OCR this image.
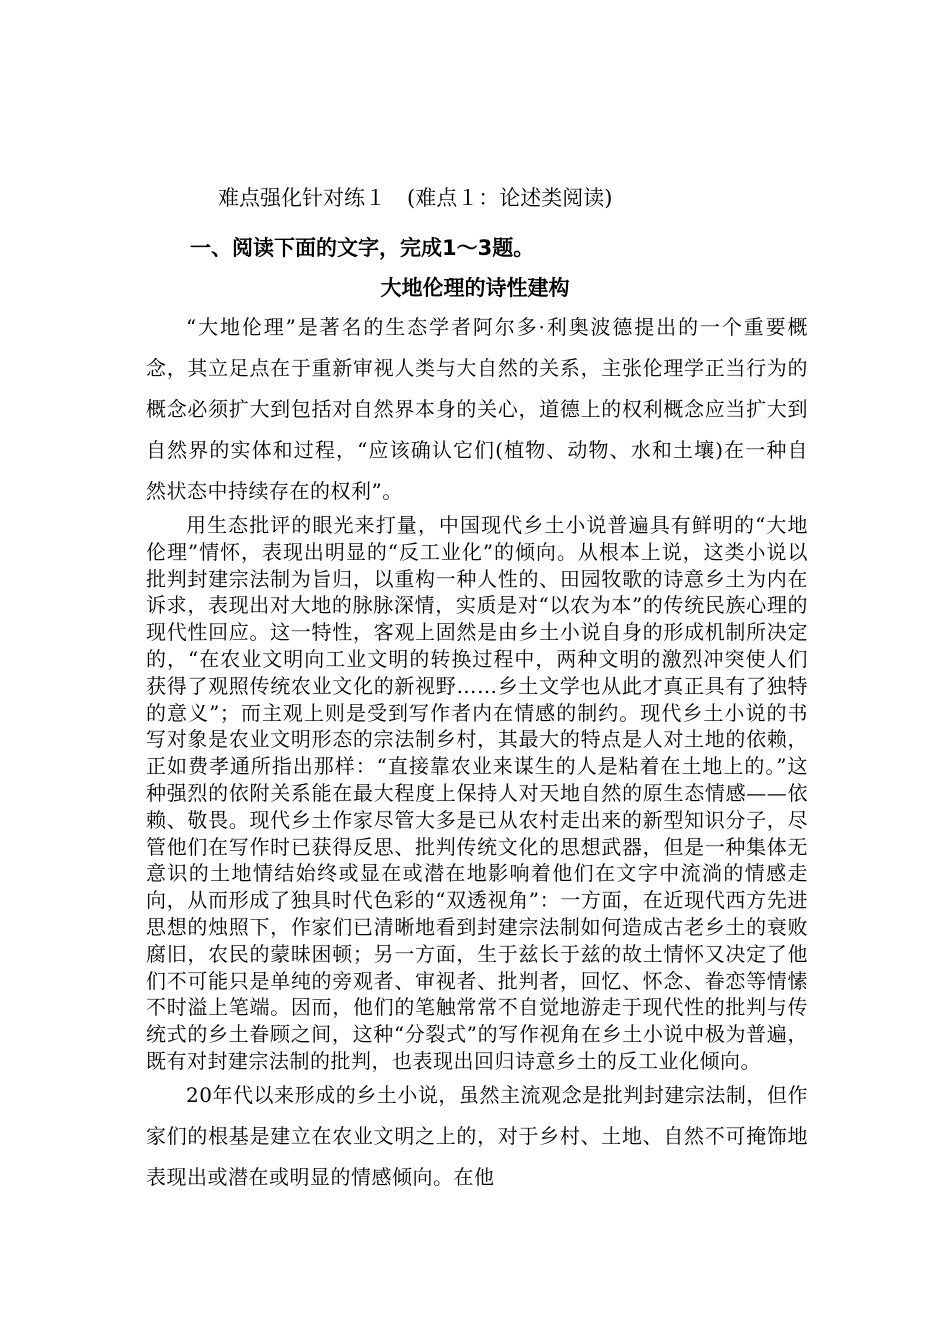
难点强化针对练１　(难点１：论述类阅读)
一、阅读下面的文字，完成1～3题。
大地伦理的诗性建构

“大地伦理”是著名的生态学者阿尔多·利奥波德提出的一个重要概念，其立足点在于重新审视人类与大自然的关系，主张伦理学正当行为的概念必须扩大到包括对自然界本身的关心，道德上的权利概念应当扩大到自然界的实体和过程，“应该确认它们(植物、动物、水和土壤)在一种自然状态中持续存在的权利”。

用生态批评的眼光来打量，中国现代乡土小说普遍具有鲜明的“大地伦理”情怀，表现出明显的“反工业化”的倾向。从根本上说，这类小说以批判封建宗法制为旨归，以重构一种人性的、田园牧歌的诗意乡土为内在诉求，表现出对大地的脉脉深情，实质是对“以农为本”的传统民族心理的现代性回应。这一特性，客观上固然是由乡土小说自身的形成机制所决定的，“在农业文明向工业文明的转换过程中，两种文明的激烈冲突使人们获得了观照传统农业文化的新视野……乡土文学也从此才真正具有了独特的意义”；而主观上则是受到写作者内在情感的制约。现代乡土小说的书写对象是农业文明形态的宗法制乡村，其最大的特点是人对土地的依赖，正如费孝通所指出那样：“直接靠农业来谋生的人是粘着在土地上的。”这种强烈的依附关系能在最大程度上保持人对天地自然的原生态情感——依赖、敬畏。现代乡土作家尽管大多是已从农村走出来的新型知识分子，尽管他们在写作时已获得反思、批判传统文化的思想武器，但是一种集体无意识的土地情结始终或显在或潜在地影响着他们在文字中流淌的情感走向，从而形成了独具时代色彩的“双透视角”：一方面，在近现代西方先进思想的烛照下，作家们已清晰地看到封建宗法制如何造成古老乡土的衰败腐旧，农民的蒙昧困顿；另一方面，生于兹长于兹的故土情怀又决定了他们不可能只是单纯的旁观者、审视者、批判者，回忆、怀念、眷恋等情愫不时溢上笔端。因而，他们的笔触常常不自觉地游走于现代性的批判与传统式的乡土眷顾之间，这种“分裂式”的写作视角在乡土小说中极为普遍，既有对封建宗法制的批判，也表现出回归诗意乡土的反工业化倾向。

20年代以来形成的乡土小说，虽然主流观念是批判封建宗法制，但作家们的根基是建立在农业文明之上的，对于乡村、土地、自然不可掩饰地表现出或潜在或明显的情感倾向。在他
